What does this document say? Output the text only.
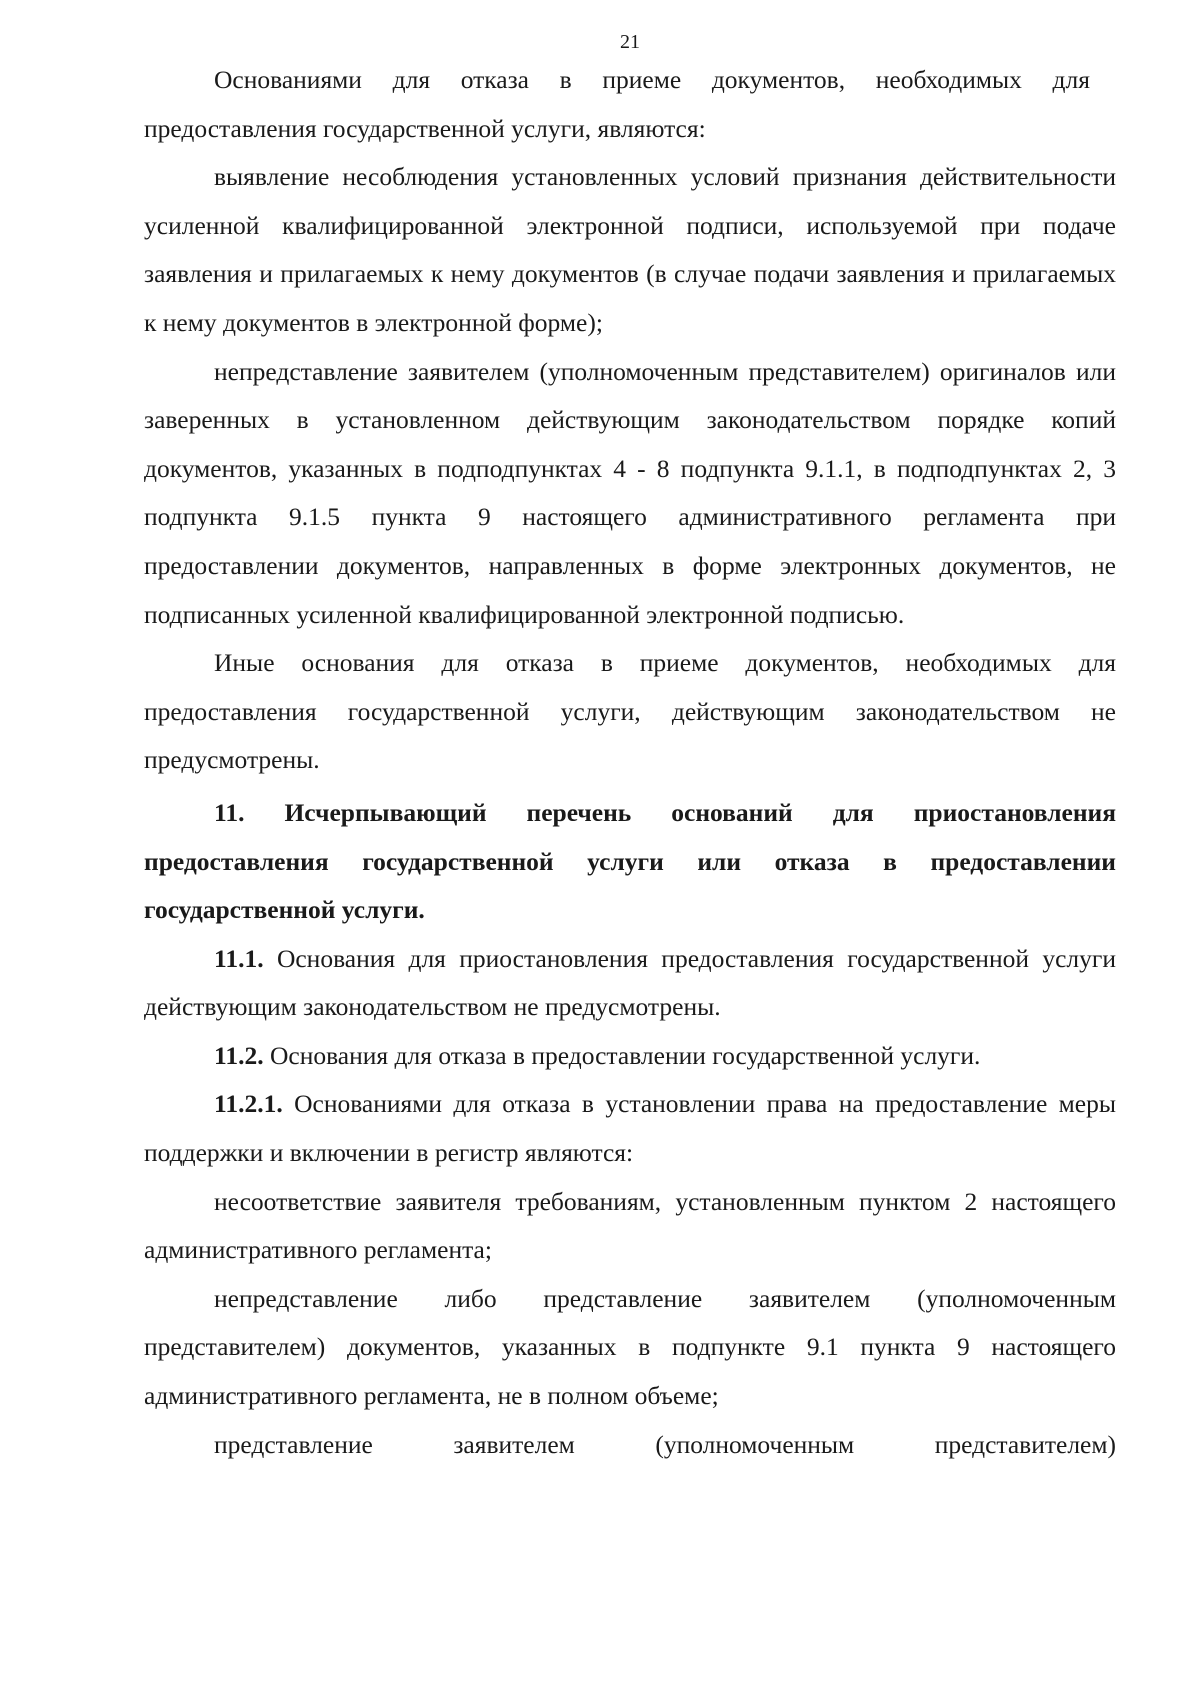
21

Основаниями для отказа в приеме документов, необходимых для предоставления государственной услуги, являются:

выявление несоблюдения установленных условий признания действительности усиленной квалифицированной электронной подписи, используемой при подаче заявления и прилагаемых к нему документов (в случае подачи заявления и прилагаемых к нему документов в электронной форме);

непредставление заявителем (уполномоченным представителем) оригиналов или заверенных в установленном действующим законодательством порядке копий документов, указанных в подподпунктах 4 - 8 подпункта 9.1.1, в подподпунктах 2, 3 подпункта 9.1.5 пункта 9 настоящего административного регламента при предоставлении документов, направленных в форме электронных документов, не подписанных усиленной квалифицированной электронной подписью.

Иные основания для отказа в приеме документов, необходимых для предоставления государственной услуги, действующим законодательством не предусмотрены.

11. Исчерпывающий перечень оснований для приостановления предоставления государственной услуги или отказа в предоставлении государственной услуги.

11.1. Основания для приостановления предоставления государственной услуги действующим законодательством не предусмотрены.

11.2. Основания для отказа в предоставлении государственной услуги.

11.2.1. Основаниями для отказа в установлении права на предоставление меры поддержки и включении в регистр являются:

несоответствие заявителя требованиям, установленным пунктом 2 настоящего административного регламента;

непредставление либо представление заявителем (уполномоченным представителем) документов, указанных в подпункте 9.1 пункта 9 настоящего административного регламента, не в полном объеме;

представление заявителем (уполномоченным представителем)
